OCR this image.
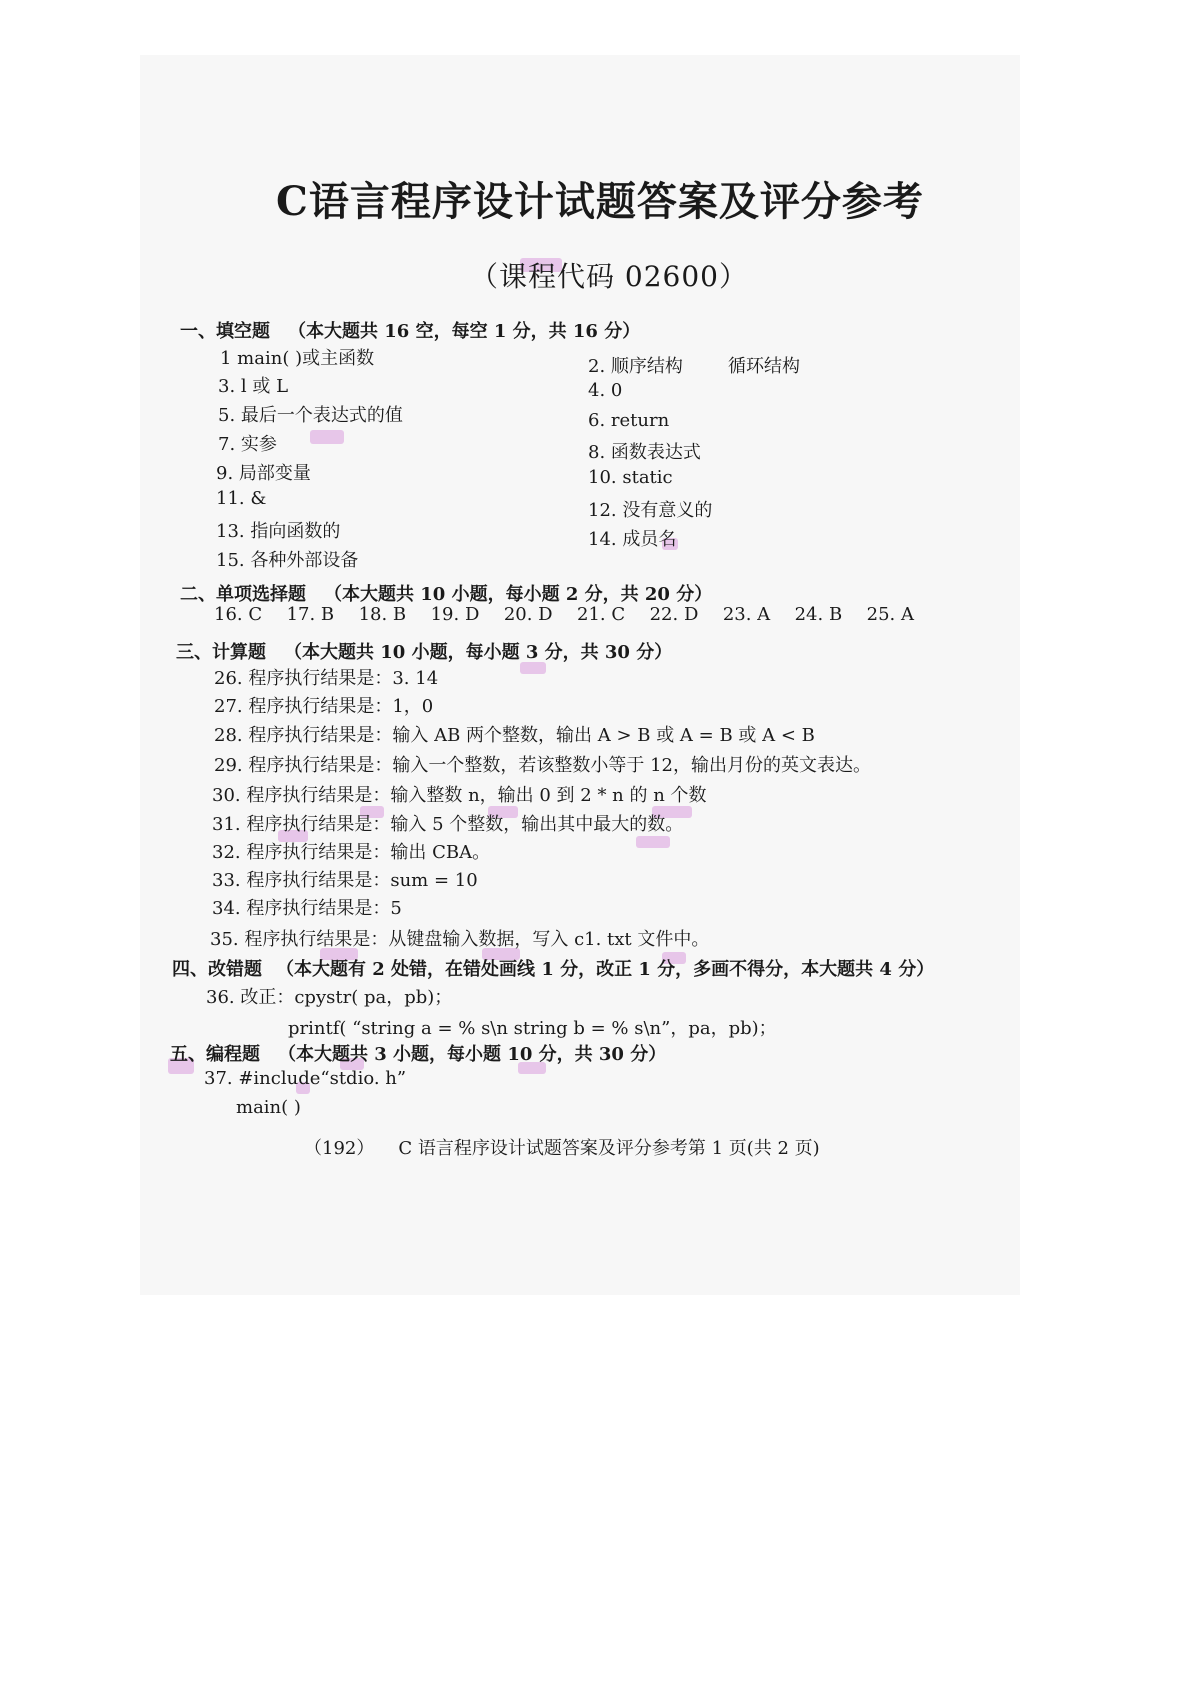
C语言程序设计试题答案及评分参考
（课程代码 02600）
一、填空题 （本大题共 16 空，每空 1 分，共 16 分）
1 main( )或主函数	2. 顺序结构	循环结构
3. l 或 L	4. 0
5. 最后一个表达式的值	6. return
7. 实参	8. 函数表达式
9. 局部变量	10. static
11. &
12. 没有意义的
13. 指向函数的	14. 成员名
15. 各种外部设备
二、单项选择题 （本大题共 10 小题，每小题 2 分，共 20 分）
16. C 17. B 18. B 19. D 20. D 21. C 22. D 23. A 24. B 25. A
三、计算题 （本大题共 10 小题，每小题 3 分，共 30 分）
26. 程序执行结果是：3. 14
27. 程序执行结果是：1，0
28. 程序执行结果是：输入 AB 两个整数，输出 A > B 或 A = B 或 A < B
29. 程序执行结果是：输入一个整数，若该整数小等于 12，输出月份的英文表达。
30. 程序执行结果是：输入整数 n，输出 0 到 2 * n 的 n 个数
31. 程序执行结果是：输入 5 个整数，输出其中最大的数。
32. 程序执行结果是：输出 CBA。
33. 程序执行结果是：sum = 10
34. 程序执行结果是：5
35. 程序执行结果是：从键盘输入数据，写入 c1. txt 文件中。
四、改错题 （本大题有 2 处错，在错处画线 1 分，改正 1 分，多画不得分，本大题共 4 分）
36. 改正：cpystr( pa，pb)；
printf( “string a = % s\n string b = % s\n”，pa，pb)；
五、编程题 （本大题共 3 小题，每小题 10 分，共 30 分）
37. #include“stdio. h”
main( )
（192） C 语言程序设计试题答案及评分参考第 1 页(共 2 页)
